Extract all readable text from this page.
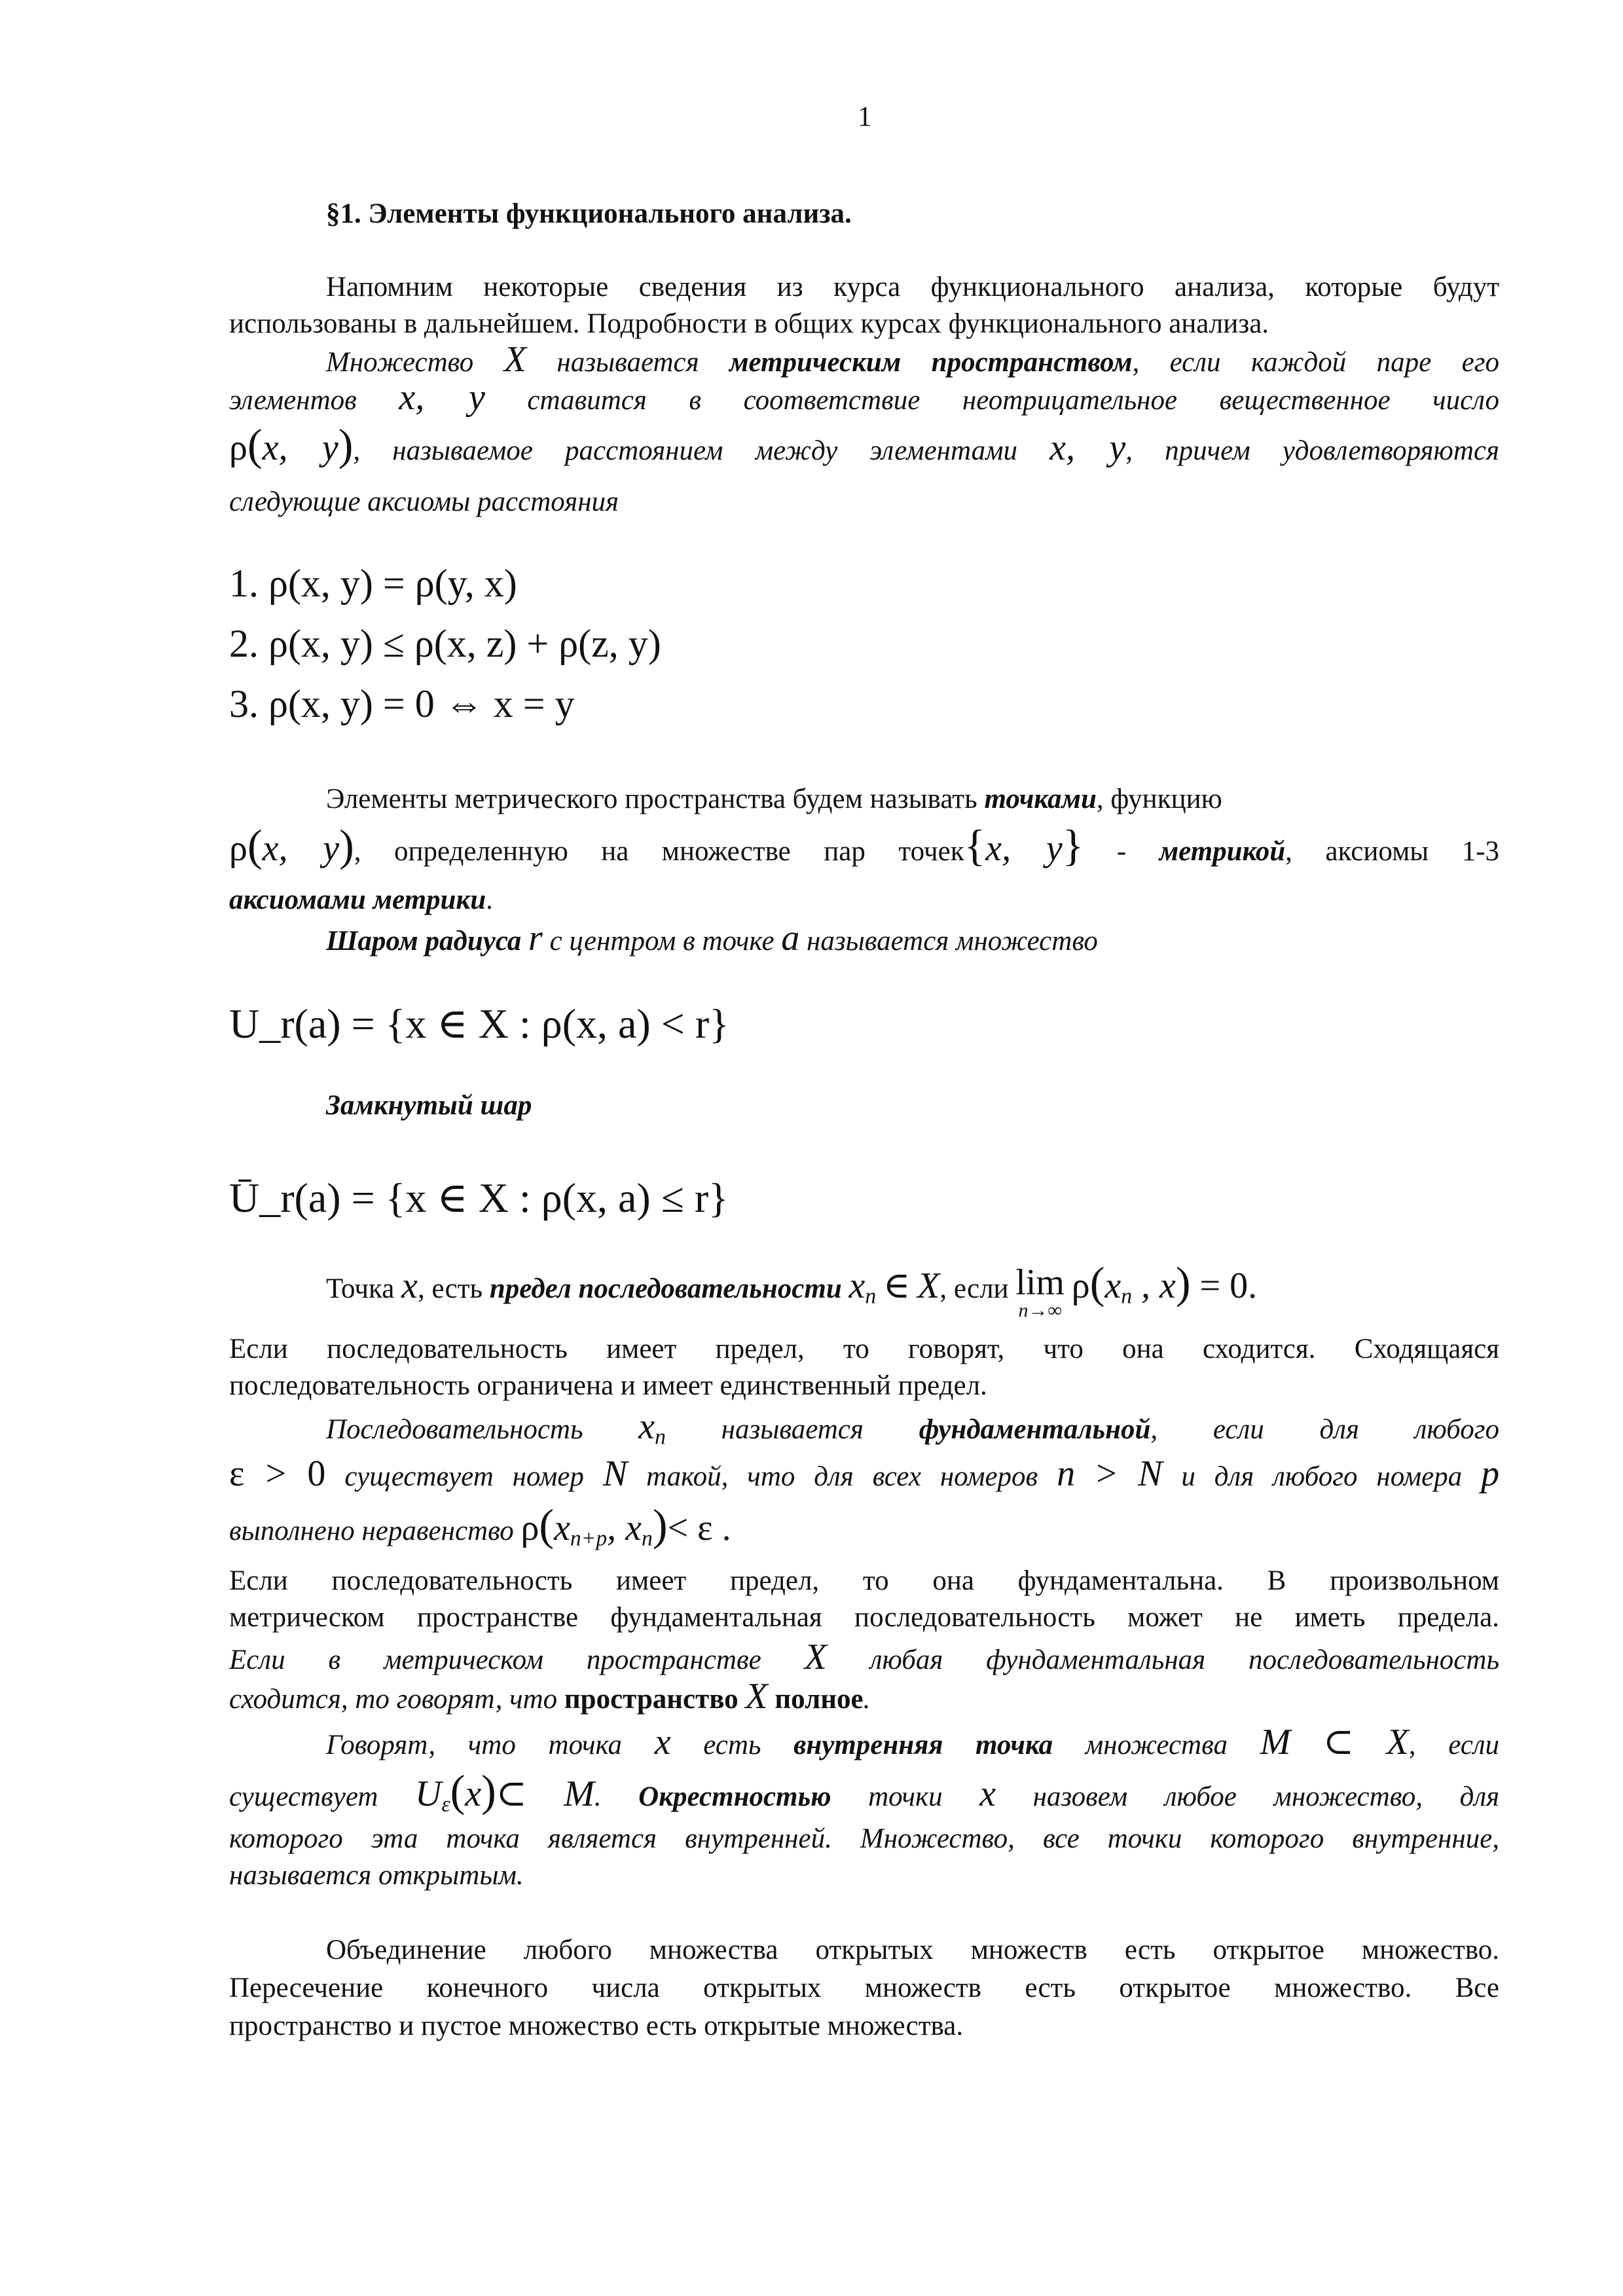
1
§1. Элементы функционального анализа.
Напомним некоторые сведения из курса функционального анализа, которые будут
использованы в дальнейшем. Подробности в общих курсах функционального анализа.
Множество X называется метрическим пространством, если каждой паре его
элементов x, y ставится в соответствие неотрицательное вещественное число
ρ(x, y), называемое расстоянием между элементами x, y, причем удовлетворяются
следующие аксиомы расстояния
1. ρ(x, y) = ρ(y, x)
2. ρ(x, y) ≤ ρ(x, z) + ρ(z, y)
3. ρ(x, y) = 0 ⇔ x = y
Элементы метрического пространства будем называть точками, функцию
ρ(x, y), определенную на множестве пар точек{x, y} - метрикой, аксиомы 1-3
аксиомами метрики.
Шаром радиуса r с центром в точке a называется множество
U_r(a) = {x ∈ X : ρ(x, a) < r}
Замкнутый шар
Ū_r(a) = {x ∈ X : ρ(x, a) ≤ r}
Точка x, есть предел последовательности $x_n$ ∈ X, если lim
n→∞
$\rho(x_n$ , x) = 0.
Если последовательность имеет предел, то говорят, что она сходится. Сходящаяся
последовательность ограничена и имеет единственный предел.
Последовательность $x_n$ называется фундаментальной, если для любого
ε > 0 существует номер N такой, что для всех номеров n > N и для любого номера p
выполнено неравенство $\rho(x_{n+p}$, $x_n)< \varepsilon$ .
Если последовательность имеет предел, то она фундаментальна. В произвольном
метрическом пространстве фундаментальная последовательность может не иметь предела.
Если в метрическом пространстве X любая фундаментальная последовательность
сходится, то говорят, что пространство X полное.
Говорят, что точка x есть внутренняя точка множества M ⊂ X, если
существует $U_\varepsilon(x)\subset$ M. Окрестностью точки x назовем любое множество, для
которого эта точка является внутренней. Множество, все точки которого внутренние,
называется открытым.
Объединение любого множества открытых множеств есть открытое множество.
Пересечение конечного числа открытых множеств есть открытое множество. Все
пространство и пустое множество есть открытые множества.
